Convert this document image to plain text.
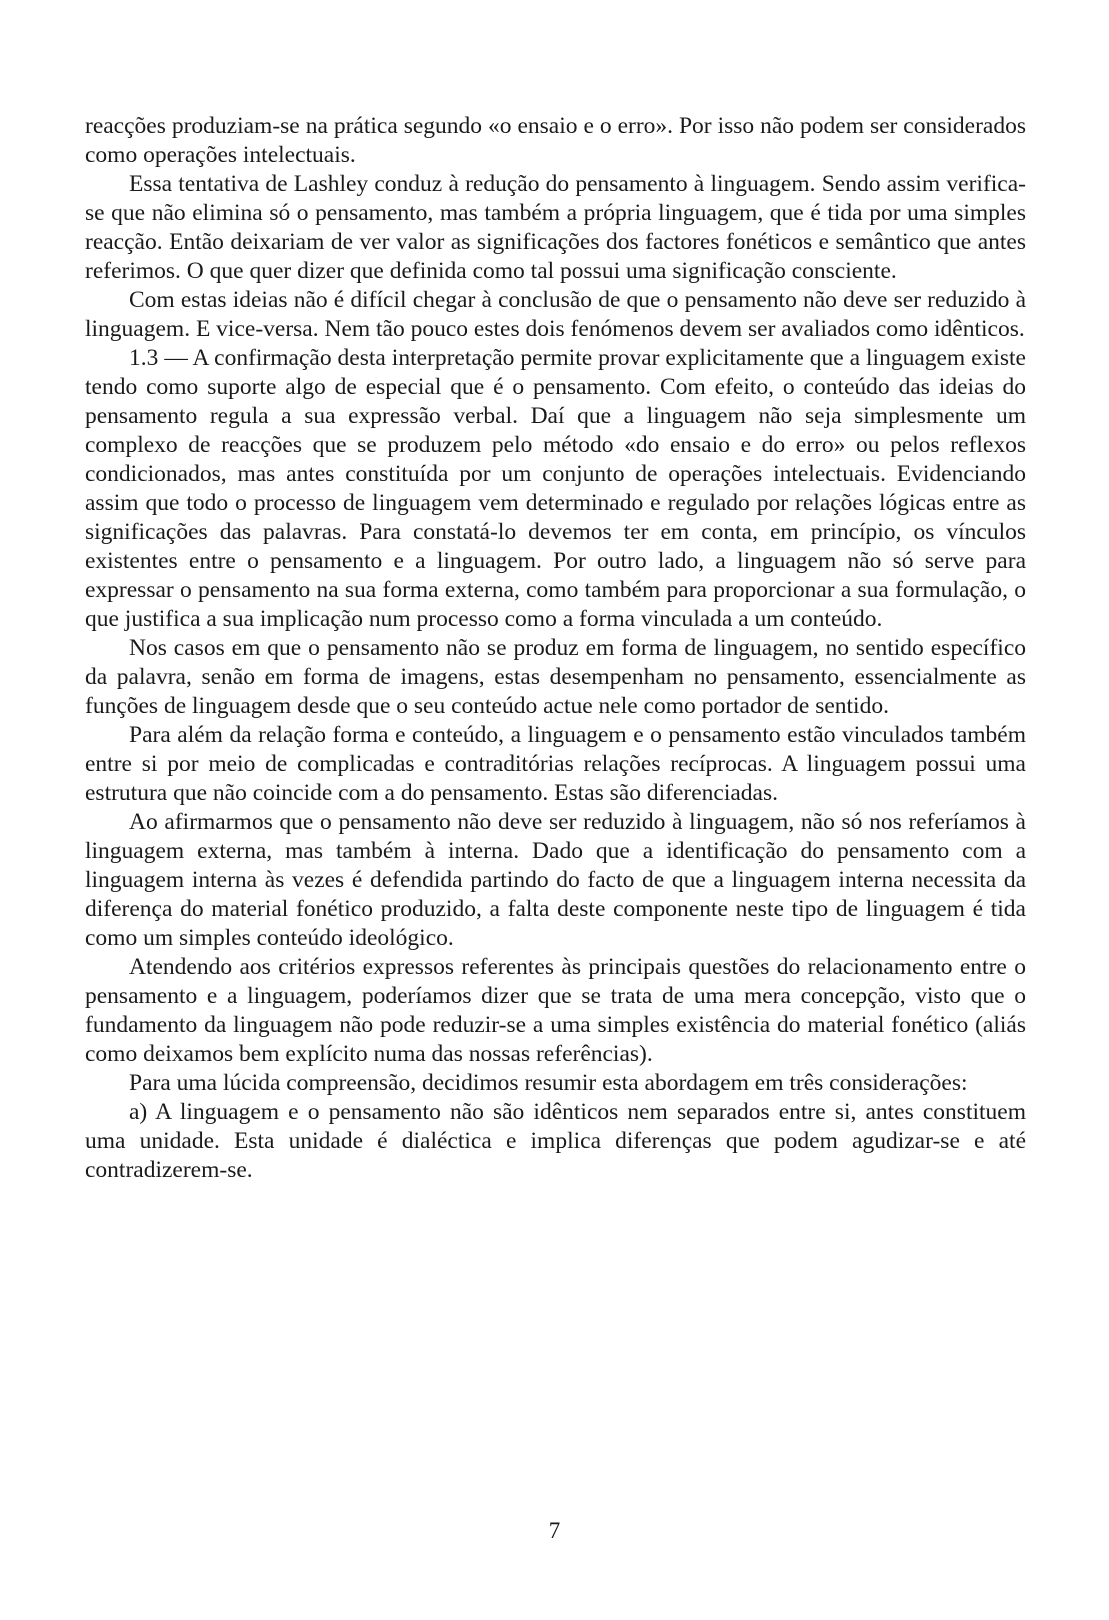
reacções produziam-se na prática segundo «o ensaio e o erro». Por isso não podem ser considerados como operações intelectuais.

Essa tentativa de Lashley conduz à redução do pensamento à linguagem. Sendo assim verifica-se que não elimina só o pensamento, mas também a própria linguagem, que é tida por uma simples reacção. Então deixariam de ver valor as significações dos factores fonéticos e semântico que antes referimos. O que quer dizer que definida como tal possui uma significação consciente.

Com estas ideias não é difícil chegar à conclusão de que o pensamento não deve ser reduzido à linguagem. E vice-versa. Nem tão pouco estes dois fenómenos devem ser avaliados como idênticos.

1.3 — A confirmação desta interpretação permite provar explicitamente que a linguagem existe tendo como suporte algo de especial que é o pensamento. Com efeito, o conteúdo das ideias do pensamento regula a sua expressão verbal. Daí que a linguagem não seja simplesmente um complexo de reacções que se produzem pelo método «do ensaio e do erro» ou pelos reflexos condicionados, mas antes constituída por um conjunto de operações intelectuais. Evidenciando assim que todo o processo de linguagem vem determinado e regulado por relações lógicas entre as significações das palavras. Para constatá-lo devemos ter em conta, em princípio, os vínculos existentes entre o pensamento e a linguagem. Por outro lado, a linguagem não só serve para expressar o pensamento na sua forma externa, como também para proporcionar a sua formulação, o que justifica a sua implicação num processo como a forma vinculada a um conteúdo.

Nos casos em que o pensamento não se produz em forma de linguagem, no sentido específico da palavra, senão em forma de imagens, estas desempenham no pensamento, essencialmente as funções de linguagem desde que o seu conteúdo actue nele como portador de sentido.

Para além da relação forma e conteúdo, a linguagem e o pensamento estão vinculados também entre si por meio de complicadas e contraditórias relações recíprocas. A linguagem possui uma estrutura que não coincide com a do pensamento. Estas são diferenciadas.

Ao afirmarmos que o pensamento não deve ser reduzido à linguagem, não só nos referíamos à linguagem externa, mas também à interna. Dado que a identificação do pensamento com a linguagem interna às vezes é defendida partindo do facto de que a linguagem interna necessita da diferença do material fonético produzido, a falta deste componente neste tipo de linguagem é tida como um simples conteúdo ideológico.

Atendendo aos critérios expressos referentes às principais questões do relacionamento entre o pensamento e a linguagem, poderíamos dizer que se trata de uma mera concepção, visto que o fundamento da linguagem não pode reduzir-se a uma simples existência do material fonético (aliás como deixamos bem explícito numa das nossas referências).

Para uma lúcida compreensão, decidimos resumir esta abordagem em três considerações:

a) A linguagem e o pensamento não são idênticos nem separados entre si, antes constituem uma unidade. Esta unidade é dialéctica e implica diferenças que podem agudizar-se e até contradizerem-se.

7
